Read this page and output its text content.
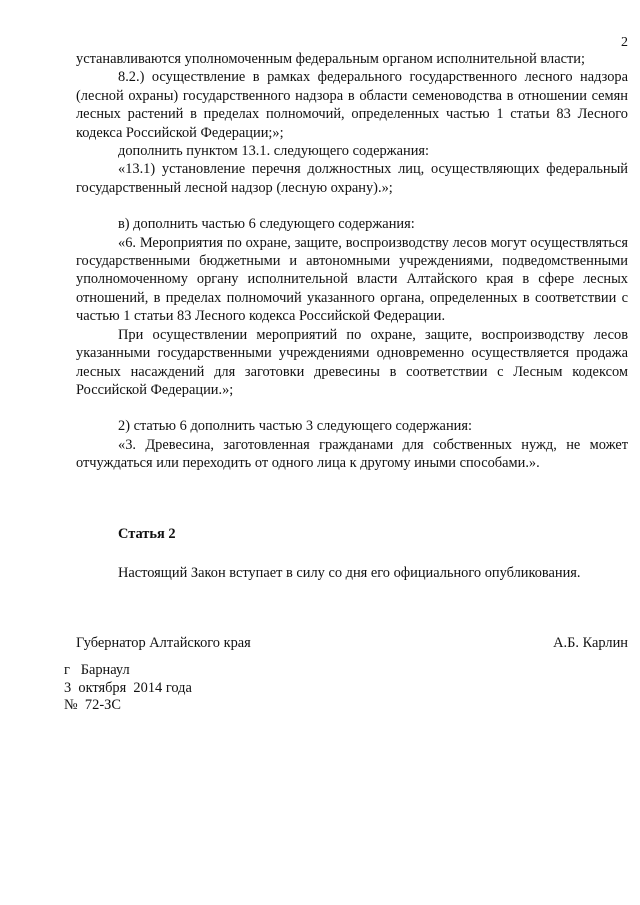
2

устанавливаются уполномоченным федеральным органом исполнительной власти;

8.2.) осуществление в рамках федерального государственного лесного надзора (лесной охраны) государственного надзора в области семеноводства в отношении семян лесных растений в пределах полномочий, определенных частью 1 статьи 83 Лесного кодекса Российской Федерации;»;

дополнить пунктом 13.1. следующего содержания:

«13.1) установление перечня должностных лиц, осуществляющих федеральный государственный лесной надзор (лесную охрану).»;

в) дополнить частью 6 следующего содержания:

«6. Мероприятия по охране, защите, воспроизводству лесов могут осуществляться государственными бюджетными и автономными учреждениями, подведомственными уполномоченному органу исполнительной власти Алтайского края в сфере лесных отношений, в пределах полномочий указанного органа, определенных в соответствии с частью 1 статьи 83 Лесного кодекса Российской Федерации.

При осуществлении мероприятий по охране, защите, воспроизводству лесов указанными государственными учреждениями одновременно осуществляется продажа лесных насаждений для заготовки древесины в соответствии с Лесным кодексом Российской Федерации.»;

2) статью 6 дополнить частью 3 следующего содержания:

«3. Древесина, заготовленная гражданами для собственных нужд, не может отчуждаться или переходить от одного лица к другому иными способами.».

Статья 2
Настоящий Закон вступает в силу со дня его официального опубликования.
Губернатор Алтайского края	А.Б. Карлин
г   Барнаул
3  октября  2014 года
№  72-ЗС
